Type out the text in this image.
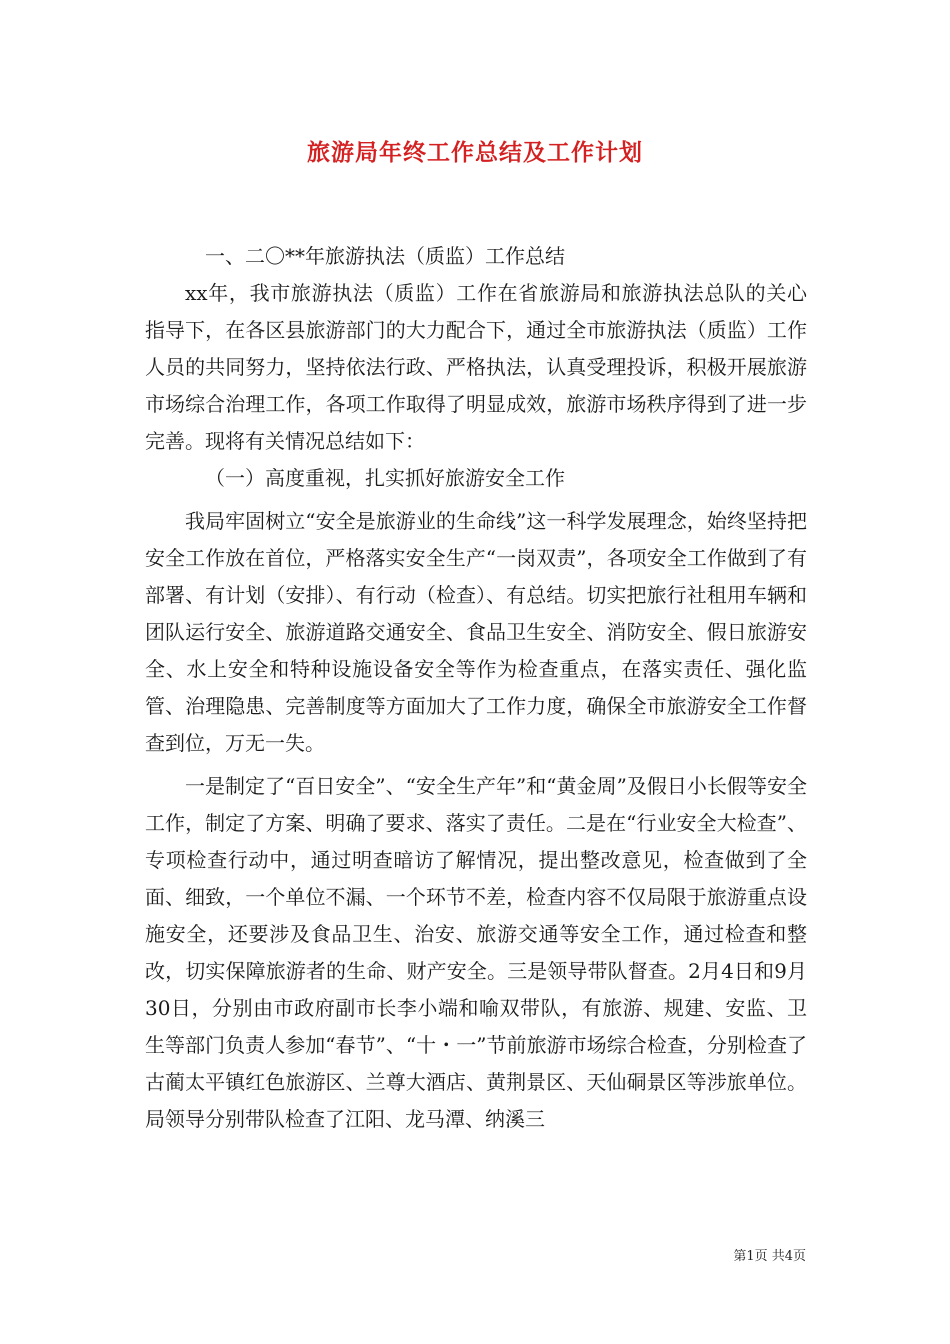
旅游局年终工作总结及工作计划

一、二〇**年旅游执法（质监）工作总结

xx年，我市旅游执法（质监）工作在省旅游局和旅游执法总队的关心指导下，在各区县旅游部门的大力配合下，通过全市旅游执法（质监）工作人员的共同努力，坚持依法行政、严格执法，认真受理投诉，积极开展旅游市场综合治理工作，各项工作取得了明显成效，旅游市场秩序得到了进一步完善。现将有关情况总结如下：

（一）高度重视，扎实抓好旅游安全工作

我局牢固树立“安全是旅游业的生命线”这一科学发展理念，始终坚持把安全工作放在首位，严格落实安全生产“一岗双责”，各项安全工作做到了有部署、有计划（安排）、有行动（检查）、有总结。切实把旅行社租用车辆和团队运行安全、旅游道路交通安全、食品卫生安全、消防安全、假日旅游安全、水上安全和特种设施设备安全等作为检查重点，在落实责任、强化监管、治理隐患、完善制度等方面加大了工作力度，确保全市旅游安全工作督查到位，万无一失。

一是制定了“百日安全”、“安全生产年”和“黄金周”及假日小长假等安全工作，制定了方案、明确了要求、落实了责任。二是在“行业安全大检查”、专项检查行动中，通过明查暗访了解情况，提出整改意见，检查做到了全面、细致，一个单位不漏、一个环节不差，检查内容不仅局限于旅游重点设施安全，还要涉及食品卫生、治安、旅游交通等安全工作，通过检查和整改，切实保障旅游者的生命、财产安全。三是领导带队督查。2月4日和9月30日，分别由市政府副市长李小端和喻双带队，有旅游、规建、安监、卫生等部门负责人参加“春节”、“十・一”节前旅游市场综合检查，分别检查了古蔺太平镇红色旅游区、兰尊大酒店、黄荆景区、天仙硐景区等涉旅单位。局领导分别带队检查了江阳、龙马潭、纳溪三

第1页 共4页
